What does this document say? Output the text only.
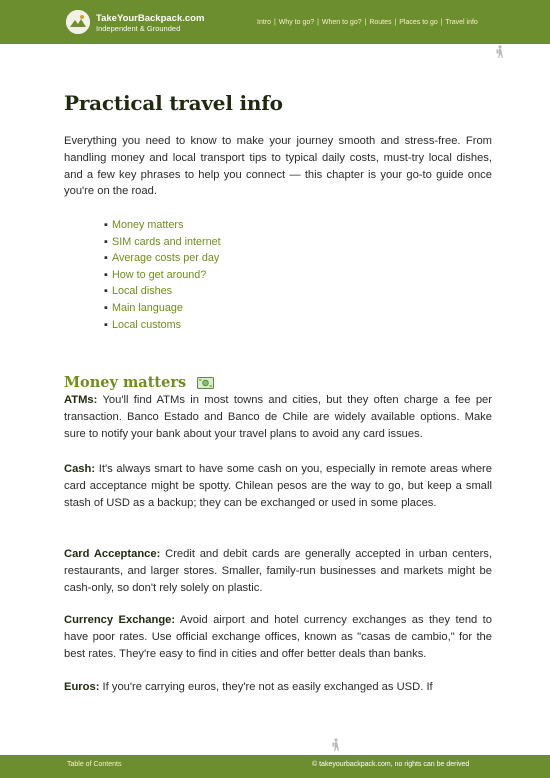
TakeYourBackpack.com
Independent & Grounded
Intro | Why to go? | When to go? | Routes | Places to go | Travel info
Practical travel info

Everything you need to know to make your journey smooth and stress-free. From handling money and local transport tips to typical daily costs, must-try local dishes, and a few key phrases to help you connect — this chapter is your go-to guide once you're on the road.

▪ Money matters
▪ SIM cards and internet
▪ Average costs per day
▪ How to get around?
▪ Local dishes
▪ Main language
▪ Local customs
Money matters

ATMs: You'll find ATMs in most towns and cities, but they often charge a fee per transaction. Banco Estado and Banco de Chile are widely available options. Make sure to notify your bank about your travel plans to avoid any card issues.

Cash: It's always smart to have some cash on you, especially in remote areas where card acceptance might be spotty. Chilean pesos are the way to go, but keep a small stash of USD as a backup; they can be exchanged or used in some places.

Card Acceptance: Credit and debit cards are generally accepted in urban centers, restaurants, and larger stores. Smaller, family-run businesses and markets might be cash-only, so don't rely solely on plastic.

Currency Exchange: Avoid airport and hotel currency exchanges as they tend to have poor rates. Use official exchange offices, known as "casas de cambio," for the best rates. They're easy to find in cities and offer better deals than banks.

Euros: If you're carrying euros, they're not as easily exchanged as USD. If

Table of Contents	© takeyourbackpack.com, no rights can be derived
